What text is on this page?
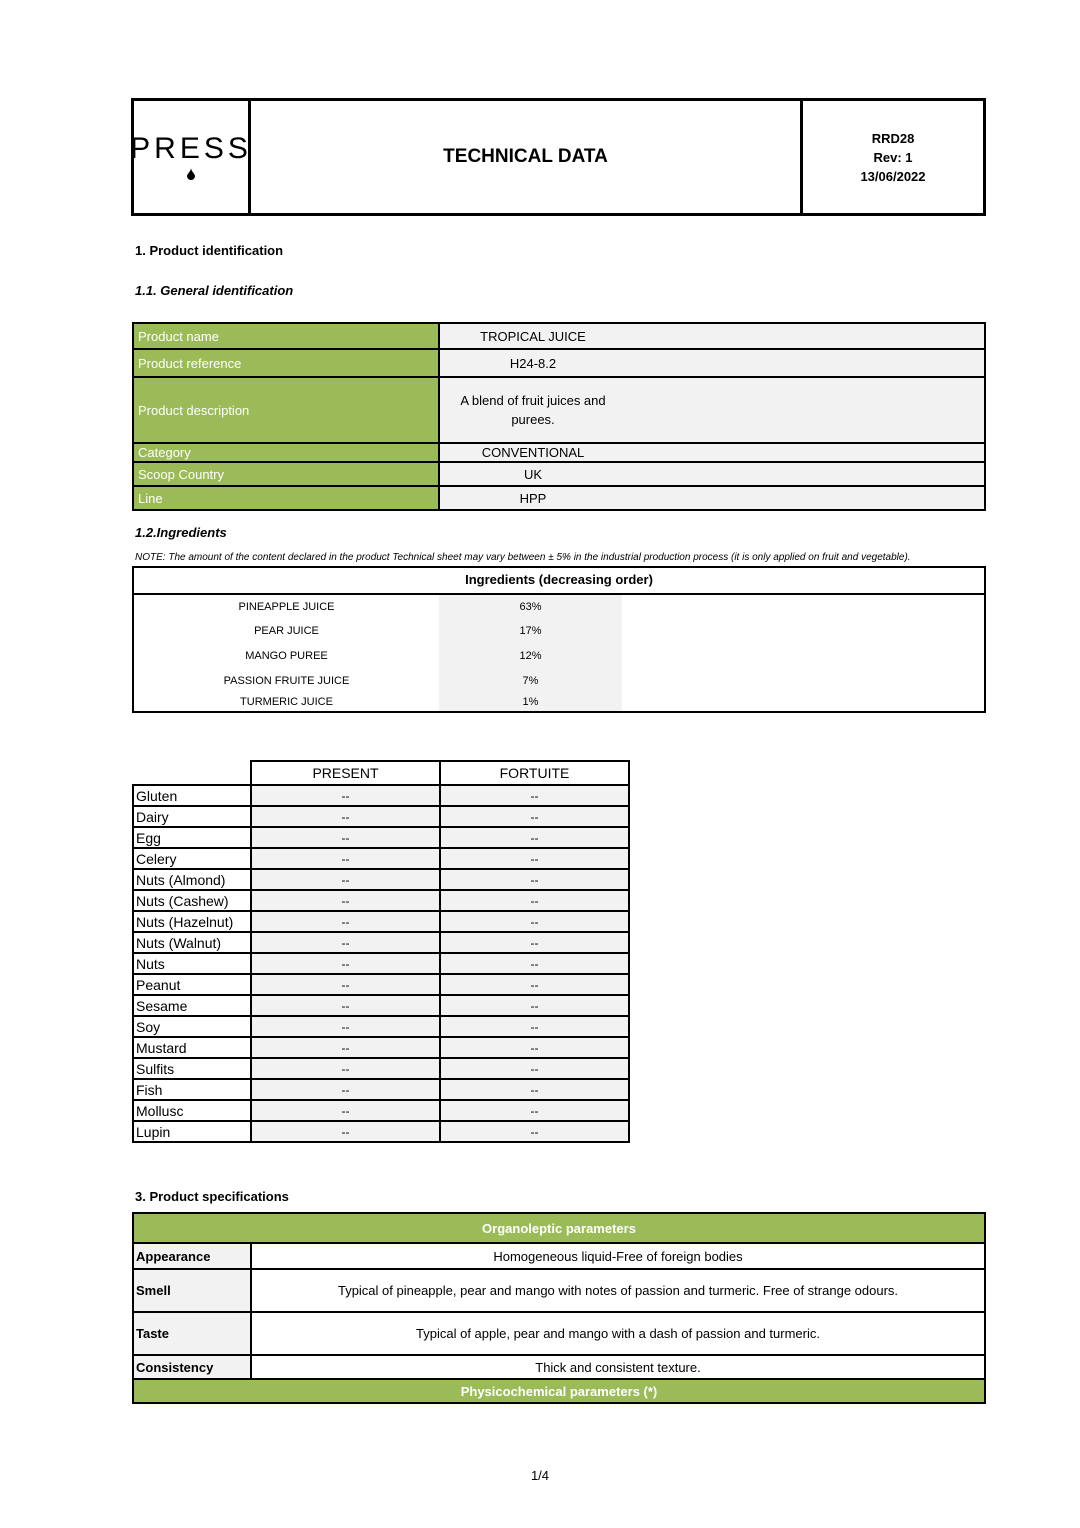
PRESS	TECHNICAL DATA
RRD28
Rev: 1
13/06/2022
1. Product identification
1.1. General identification
Product name	TROPICAL JUICE
Product reference	H24-8.2
Product description	A blend of fruit juices and
purees.
Category	CONVENTIONAL
Scoop Country	UK
Line	HPP
1.2.Ingredients
NOTE: The amount of the content declared in the product Technical sheet may vary between ± 5% in the industrial production process (it is only applied on fruit and vegetable).
Ingredients (decreasing order)
PINEAPPLE JUICE	63%
PEAR JUICE	17%
MANGO PUREE	12%
PASSION FRUITE JUICE	7%
TURMERIC JUICE	1%
	PRESENT	FORTUITE
Gluten	--	--
Dairy	--	--
Egg	--	--
Celery	--	--
Nuts (Almond)	--	--
Nuts (Cashew)	--	--
Nuts (Hazelnut)	--	--
Nuts (Walnut)	--	--
Nuts	--	--
Peanut	--	--
Sesame	--	--
Soy	--	--
Mustard	--	--
Sulfits	--	--
Fish	--	--
Mollusc	--	--
Lupin	--	--
3. Product specifications
Organoleptic parameters	
Appearance	Homogeneous liquid-Free of foreign bodies
Smell	Typical of pineapple, pear and mango with notes of passion and turmeric. Free of strange odours.
Taste	Typical of apple, pear and mango with a dash of passion and turmeric.
Consistency	Thick and consistent texture.
Physicochemical parameters (*)	
1/4
